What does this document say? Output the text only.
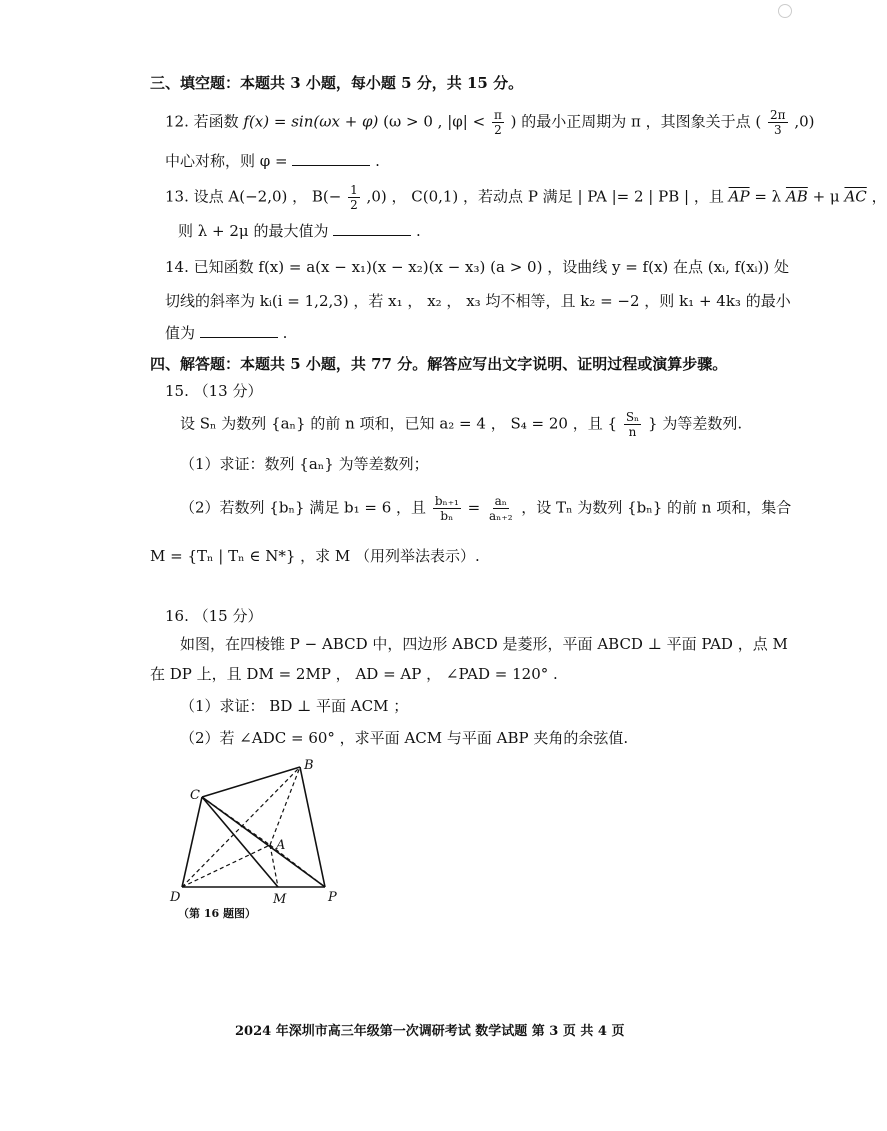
三、填空题：本题共 3 小题，每小题 5 分，共 15 分。
12. 若函数 f(x) = sin(ωx + φ) (ω > 0 , $|\varphi| < \frac{\pi}{2}$ ) 的最小正周期为 π ，其图象关于点 ( $\frac{2\pi}{3} ,0$)
中心对称，则 φ =	.
13. 设点 A(−2,0) ， $B(- \frac{1}{2} ,0)$ ， C(0,1) ，若动点 P 满足 | PA |= 2 | PB | ，且 $\overline{AP} = \lambda$ $\overline{AB} + \mu$ $\overline{AC}$ ，
则 λ + 2μ 的最大值为	.
14. 已知函数 f(x) = a(x − x₁)(x − x₂)(x − x₃) (a > 0) ，设曲线 y = f(x) 在点 (xᵢ, f(xᵢ)) 处
切线的斜率为 kᵢ(i = 1,2,3) ，若 x₁ ， x₂ ， x₃ 均不相等，且 k₂ = −2 ，则 k₁ + 4k₃ 的最小
值为	.
四、解答题：本题共 5 小题，共 77 分。解答应写出文字说明、证明过程或演算步骤。
15. （13 分）
设 Sₙ 为数列 {aₙ} 的前 n 项和，已知 a₂ = 4 ， S₄ = 20 ，且 { $\frac{\text{Sₙ}}{n}$ } 为等差数列.
（1）求证：数列 {aₙ} 为等差数列；
（2）若数列 {bₙ} 满足 b₁ = 6 ，且 $\frac{\text{bₙ₊₁}}{\text{bₙ}} = \frac{\text{aₙ}}{\text{aₙ₊₂}}$ ，设 Tₙ 为数列 {bₙ} 的前 n 项和，集合
M = {Tₙ | Tₙ ∈ N*} ，求 M （用列举法表示）.
16. （15 分）
如图，在四棱锥 P − ABCD 中，四边形 ABCD 是菱形，平面 ABCD ⊥ 平面 PAD ，点 M
在 DP 上，且 DM = 2MP ， AD = AP ， ∠PAD = 120° .
（1）求证： BD ⊥ 平面 ACM ；
（2）若 ∠ADC = 60° ，求平面 ACM 与平面 ABP 夹角的余弦值.
B
C
A
D	M	P
（第 16 题图）
2024 年深圳市高三年级第一次调研考试 数学试题 第 3 页 共 4 页
